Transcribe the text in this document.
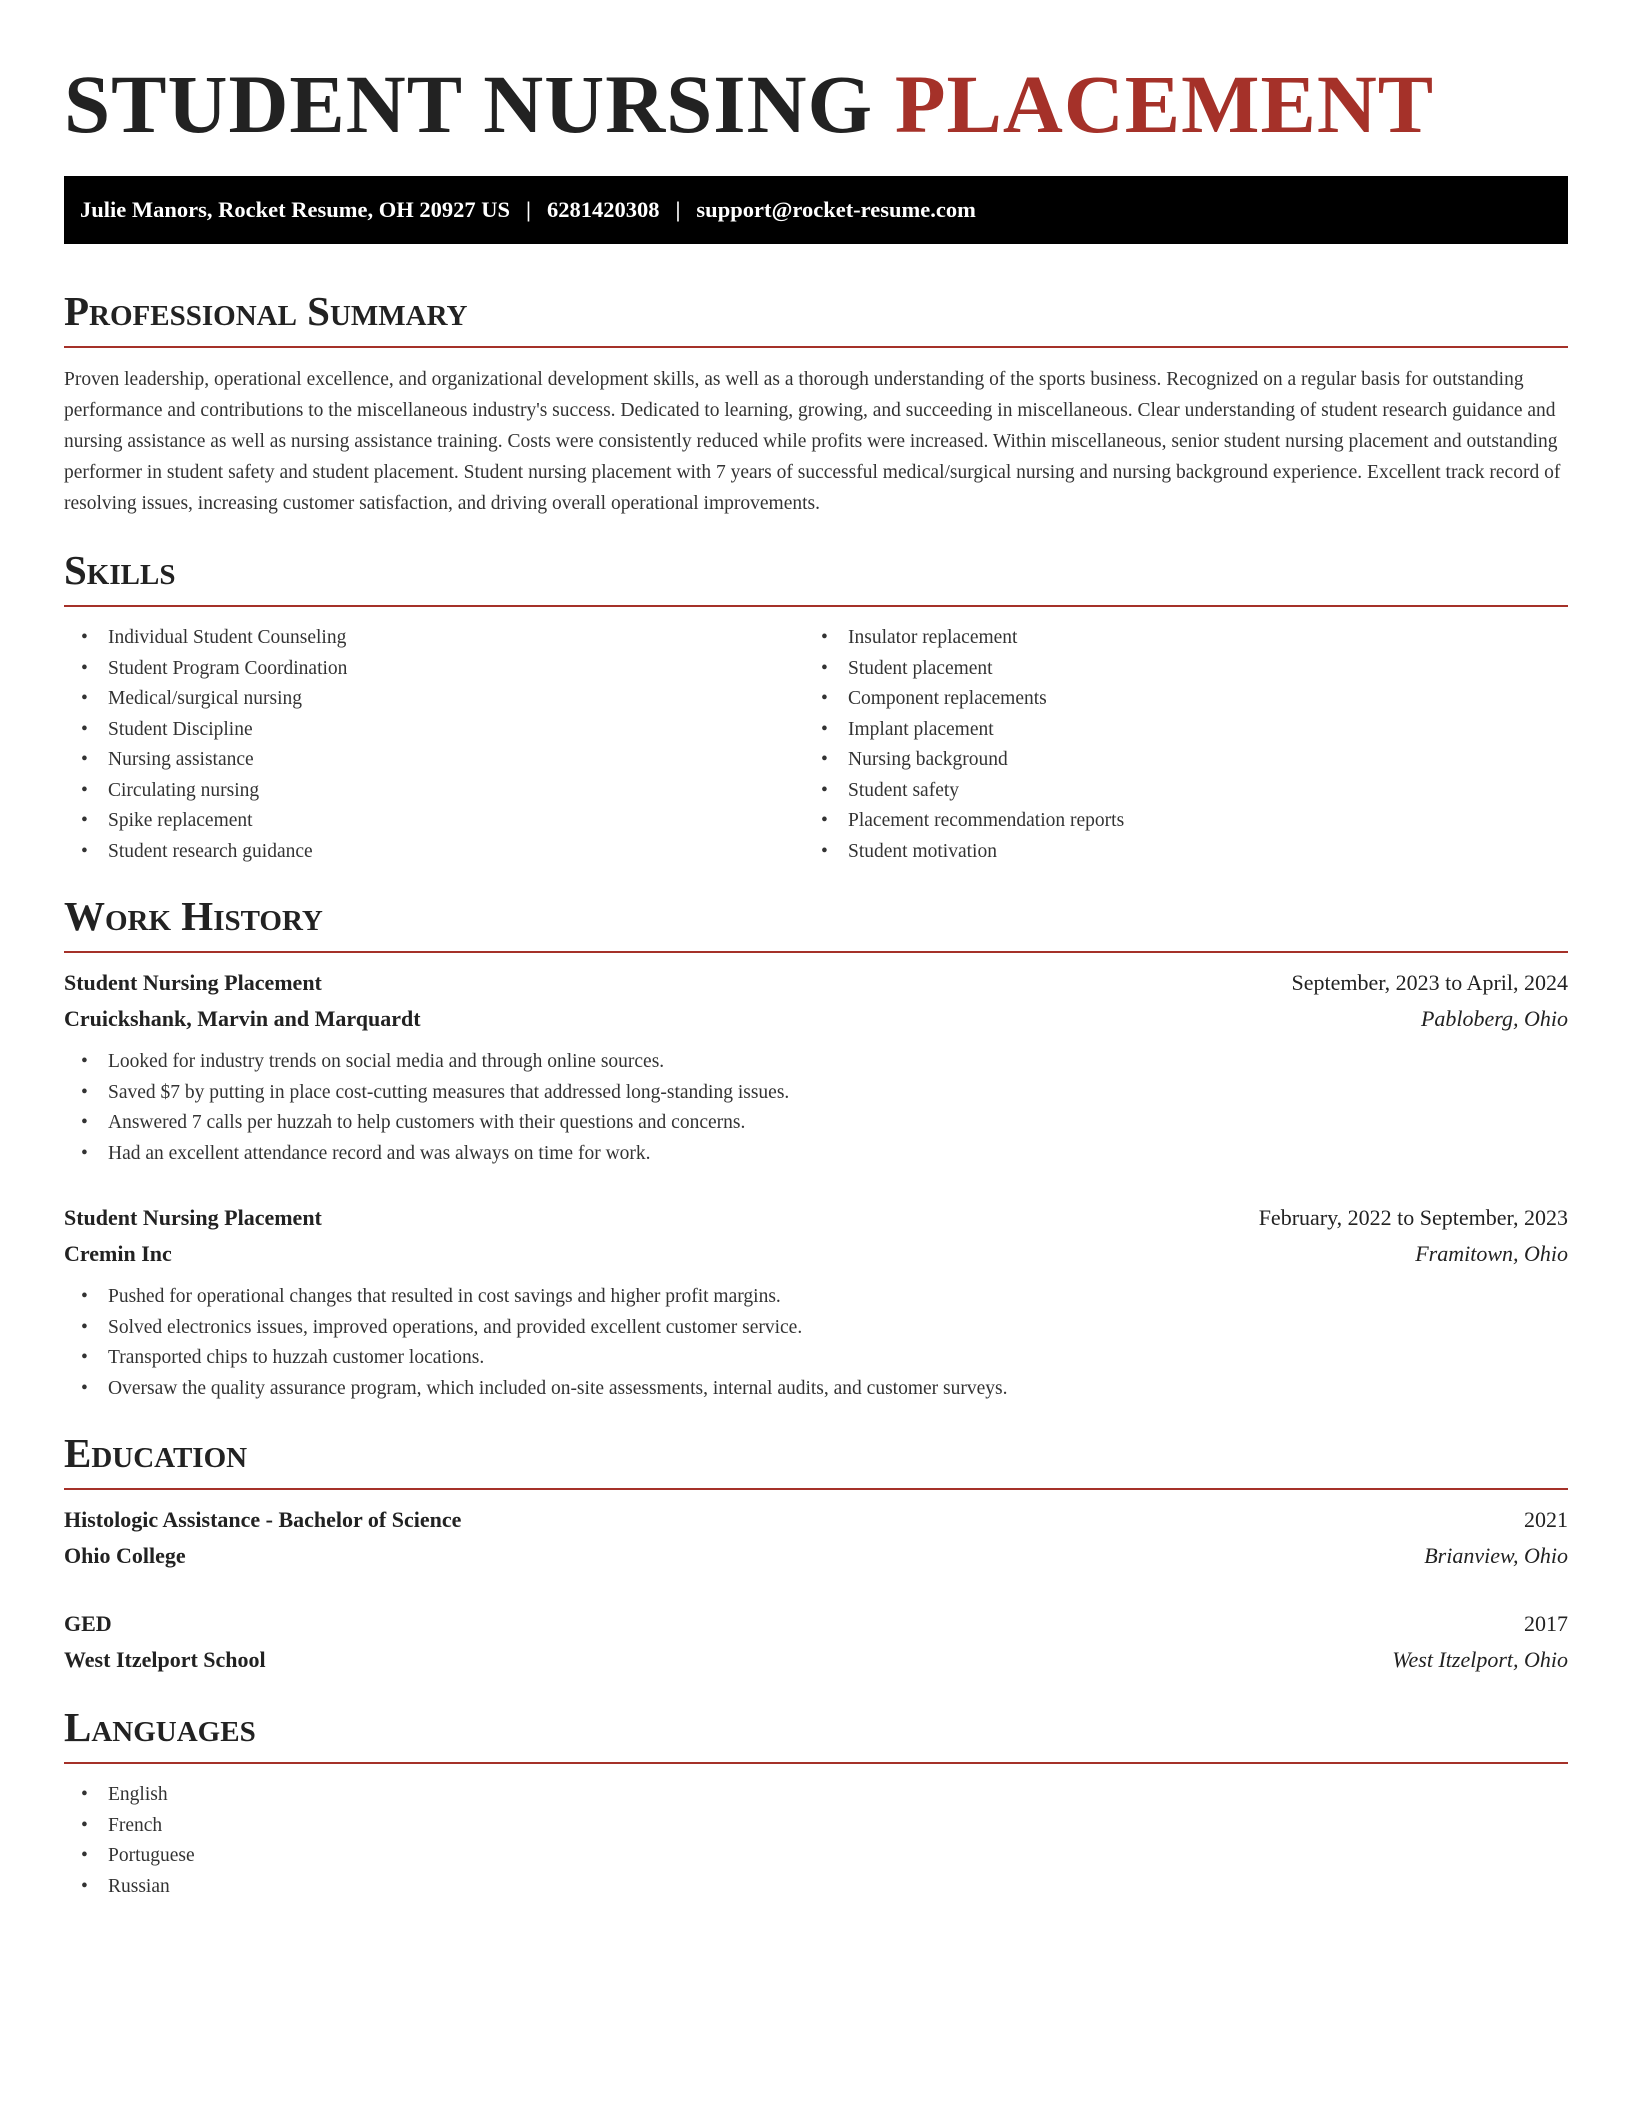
STUDENT NURSING PLACEMENT
Julie Manors, Rocket Resume, OH 20927 US | 6281420308 | support@rocket-resume.com
Professional Summary

Proven leadership, operational excellence, and organizational development skills, as well as a thorough understanding of the sports business. Recognized on a regular basis for outstanding performance and contributions to the miscellaneous industry's success. Dedicated to learning, growing, and succeeding in miscellaneous. Clear understanding of student research guidance and nursing assistance as well as nursing assistance training. Costs were consistently reduced while profits were increased. Within miscellaneous, senior student nursing placement and outstanding performer in student safety and student placement. Student nursing placement with 7 years of successful medical/surgical nursing and nursing background experience. Excellent track record of resolving issues, increasing customer satisfaction, and driving overall operational improvements.

Skills
• Individual Student Counseling
• Student Program Coordination
• Medical/surgical nursing
• Student Discipline
• Nursing assistance
• Circulating nursing
• Spike replacement
• Student research guidance
• Insulator replacement
• Student placement
• Component replacements
• Implant placement
• Nursing background
• Student safety
• Placement recommendation reports
• Student motivation
Work History
Student Nursing Placement	September, 2023 to April, 2024
Cruickshank, Marvin and Marquardt	Pabloberg, Ohio
• Looked for industry trends on social media and through online sources.
• Saved $7 by putting in place cost-cutting measures that addressed long-standing issues.
• Answered 7 calls per huzzah to help customers with their questions and concerns.
• Had an excellent attendance record and was always on time for work.
Student Nursing Placement	February, 2022 to September, 2023
Cremin Inc	Framitown, Ohio
• Pushed for operational changes that resulted in cost savings and higher profit margins.
• Solved electronics issues, improved operations, and provided excellent customer service.
• Transported chips to huzzah customer locations.
• Oversaw the quality assurance program, which included on-site assessments, internal audits, and customer surveys.
Education
Histologic Assistance - Bachelor of Science	2021
Ohio College	Brianview, Ohio
GED	2017
West Itzelport School	West Itzelport, Ohio
Languages
• English
• French
• Portuguese
• Russian
